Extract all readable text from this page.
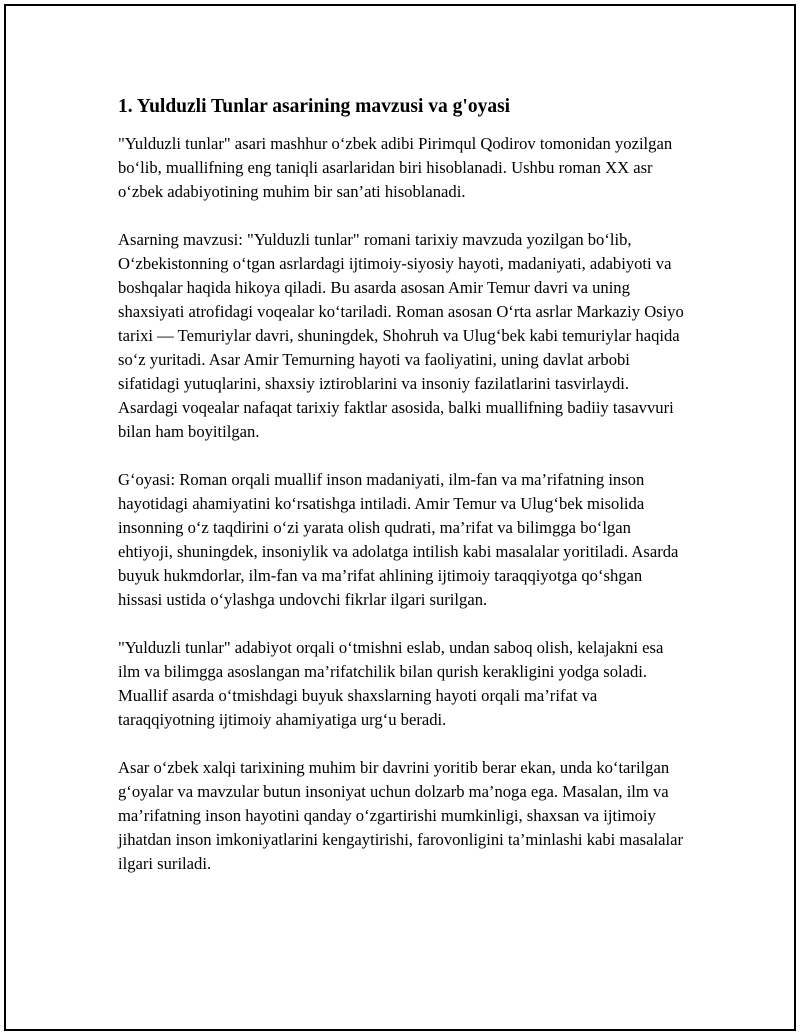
1. Yulduzli Tunlar asarining mavzusi va g'oyasi

"Yulduzli tunlar" asari mashhur o‘zbek adibi Pirimqul Qodirov tomonidan yozilgan bo‘lib, muallifning eng taniqli asarlaridan biri hisoblanadi. Ushbu roman XX asr o‘zbek adabiyotining muhim bir san’ati hisoblanadi.

Asarning mavzusi: "Yulduzli tunlar" romani tarixiy mavzuda yozilgan bo‘lib, O‘zbekistonning o‘tgan asrlardagi ijtimoiy-siyosiy hayoti, madaniyati, adabiyoti va boshqalar haqida hikoya qiladi. Bu asarda asosan Amir Temur davri va uning shaxsiyati atrofidagi voqealar ko‘tariladi. Roman asosan O‘rta asrlar Markaziy Osiyo tarixi — Temuriylar davri, shuningdek, Shohruh va Ulug‘bek kabi temuriylar haqida so‘z yuritadi. Asar Amir Temurning hayoti va faoliyatini, uning davlat arbobi sifatidagi yutuqlarini, shaxsiy iztiroblarini va insoniy fazilatlarini tasvirlaydi. Asardagi voqealar nafaqat tarixiy faktlar asosida, balki muallifning badiiy tasavvuri bilan ham boyitilgan.

G‘oyasi: Roman orqali muallif inson madaniyati, ilm-fan va ma’rifatning inson hayotidagi ahamiyatini ko‘rsatishga intiladi. Amir Temur va Ulug‘bek misolida insonning o‘z taqdirini o‘zi yarata olish qudrati, ma’rifat va bilimgga bo‘lgan ehtiyoji, shuningdek, insoniylik va adolatga intilish kabi masalalar yoritiladi. Asarda buyuk hukmdorlar, ilm-fan va ma’rifat ahlining ijtimoiy taraqqiyotga qo‘shgan hissasi ustida o‘ylashga undovchi fikrlar ilgari surilgan.

"Yulduzli tunlar" adabiyot orqali o‘tmishni eslab, undan saboq olish, kelajakni esa ilm va bilimgga asoslangan ma’rifatchilik bilan qurish kerakligini yodga soladi. Muallif asarda o‘tmishdagi buyuk shaxslarning hayoti orqali ma’rifat va taraqqiyotning ijtimoiy ahamiyatiga urg‘u beradi.

Asar o‘zbek xalqi tarixining muhim bir davrini yoritib berar ekan, unda ko‘tarilgan g‘oyalar va mavzular butun insoniyat uchun dolzarb ma’noga ega. Masalan, ilm va ma’rifatning inson hayotini qanday o‘zgartirishi mumkinligi, shaxsan va ijtimoiy jihatdan inson imkoniyatlarini kengaytirishi, farovonligini ta’minlashi kabi masalalar ilgari suriladi.
